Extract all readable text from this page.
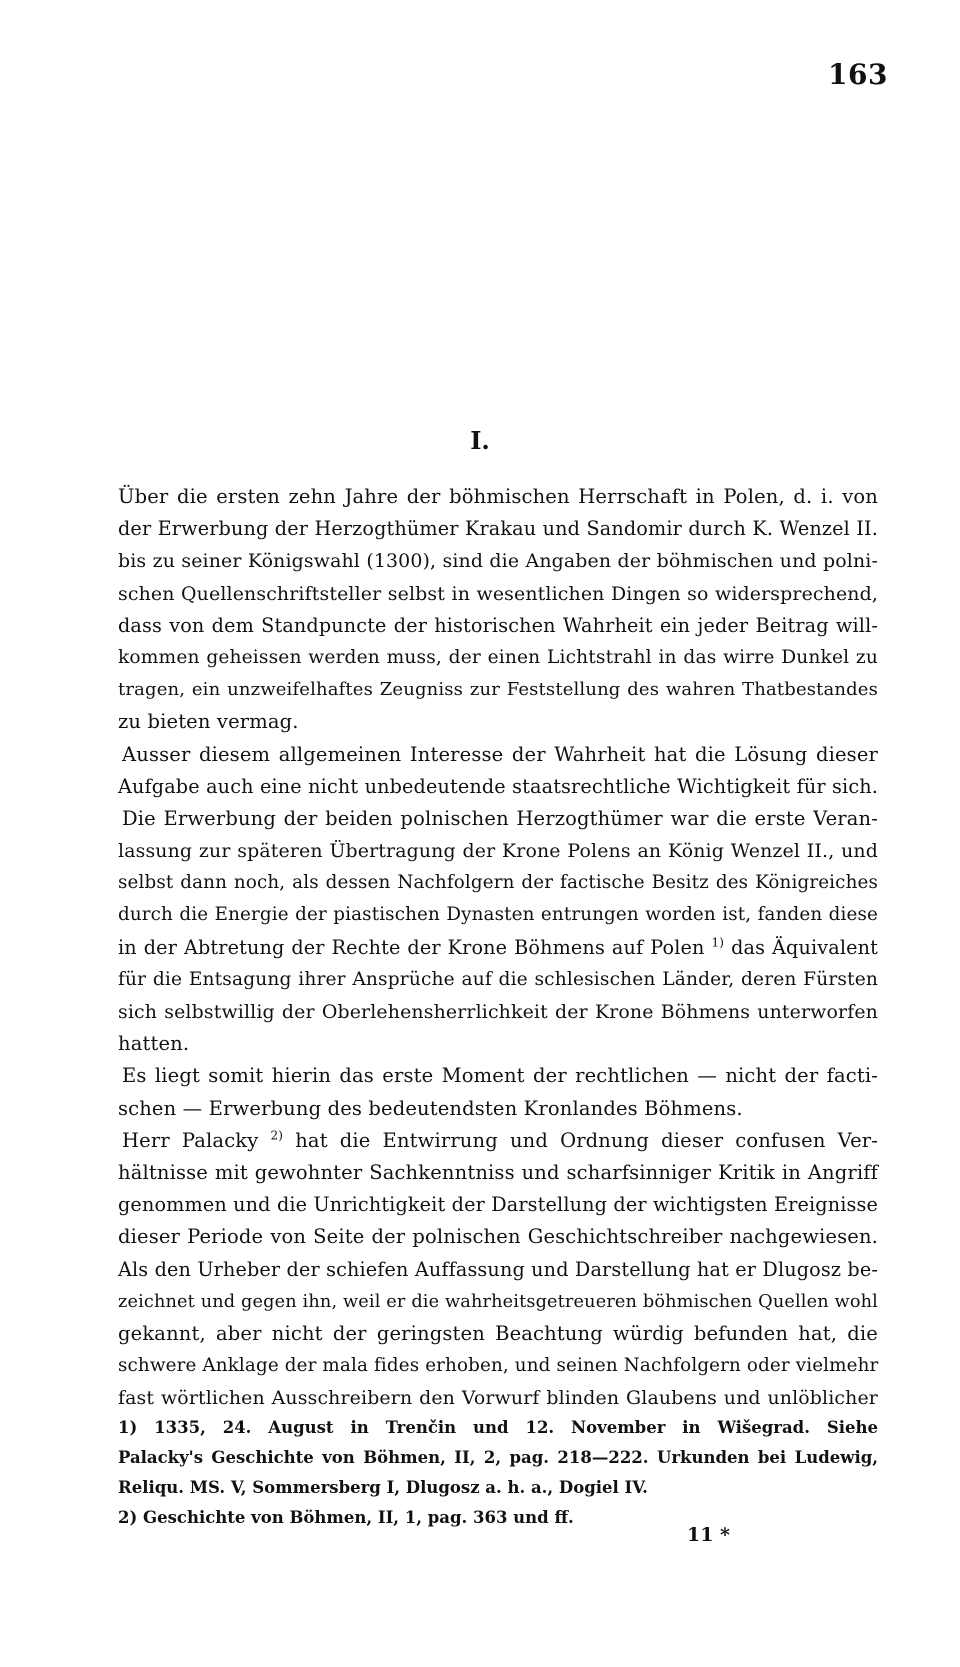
163
I.
Über die ersten zehn Jahre der böhmischen Herrschaft in Polen, d. i. von
der Erwerbung der Herzogthümer Krakau und Sandomir durch K. Wenzel II.
bis zu seiner Königswahl (1300), sind die Angaben der böhmischen und polni-
schen Quellenschriftsteller selbst in wesentlichen Dingen so widersprechend,
dass von dem Standpuncte der historischen Wahrheit ein jeder Beitrag will-
kommen geheissen werden muss, der einen Lichtstrahl in das wirre Dunkel zu
tragen, ein unzweifelhaftes Zeugniss zur Feststellung des wahren Thatbestandes
zu bieten vermag.
Ausser diesem allgemeinen Interesse der Wahrheit hat die Lösung dieser
Aufgabe auch eine nicht unbedeutende staatsrechtliche Wichtigkeit für sich.
Die Erwerbung der beiden polnischen Herzogthümer war die erste Veran-
lassung zur späteren Übertragung der Krone Polens an König Wenzel II., und
selbst dann noch, als dessen Nachfolgern der factische Besitz des Königreiches
durch die Energie der piastischen Dynasten entrungen worden ist, fanden diese
in der Abtretung der Rechte der Krone Böhmens auf Polen $^{1)}$ das Äquivalent
für die Entsagung ihrer Ansprüche auf die schlesischen Länder, deren Fürsten
sich selbstwillig der Oberlehensherrlichkeit der Krone Böhmens unterworfen
hatten.
Es liegt somit hierin das erste Moment der rechtlichen — nicht der facti-
schen — Erwerbung des bedeutendsten Kronlandes Böhmens.
Herr Palacky $^{2)}$ hat die Entwirrung und Ordnung dieser confusen Ver-
hältnisse mit gewohnter Sachkenntniss und scharfsinniger Kritik in Angriff
genommen und die Unrichtigkeit der Darstellung der wichtigsten Ereignisse
dieser Periode von Seite der polnischen Geschichtschreiber nachgewiesen.
Als den Urheber der schiefen Auffassung und Darstellung hat er Dlugosz be-
zeichnet und gegen ihn, weil er die wahrheitsgetreueren böhmischen Quellen wohl
gekannt, aber nicht der geringsten Beachtung würdig befunden hat, die
schwere Anklage der mala fides erhoben, und seinen Nachfolgern oder vielmehr
fast wörtlichen Ausschreibern den Vorwurf blinden Glaubens und unlöblicher
1) 1335, 24. August in Trenčin und 12. November in Wišegrad. Siehe
Palacky's Geschichte von Böhmen, II, 2, pag. 218—222. Urkunden bei Ludewig,
Reliqu. MS. V, Sommersberg I, Dlugosz a. h. a., Dogiel IV.
2) Geschichte von Böhmen, II, 1, pag. 363 und ff.
11 *
